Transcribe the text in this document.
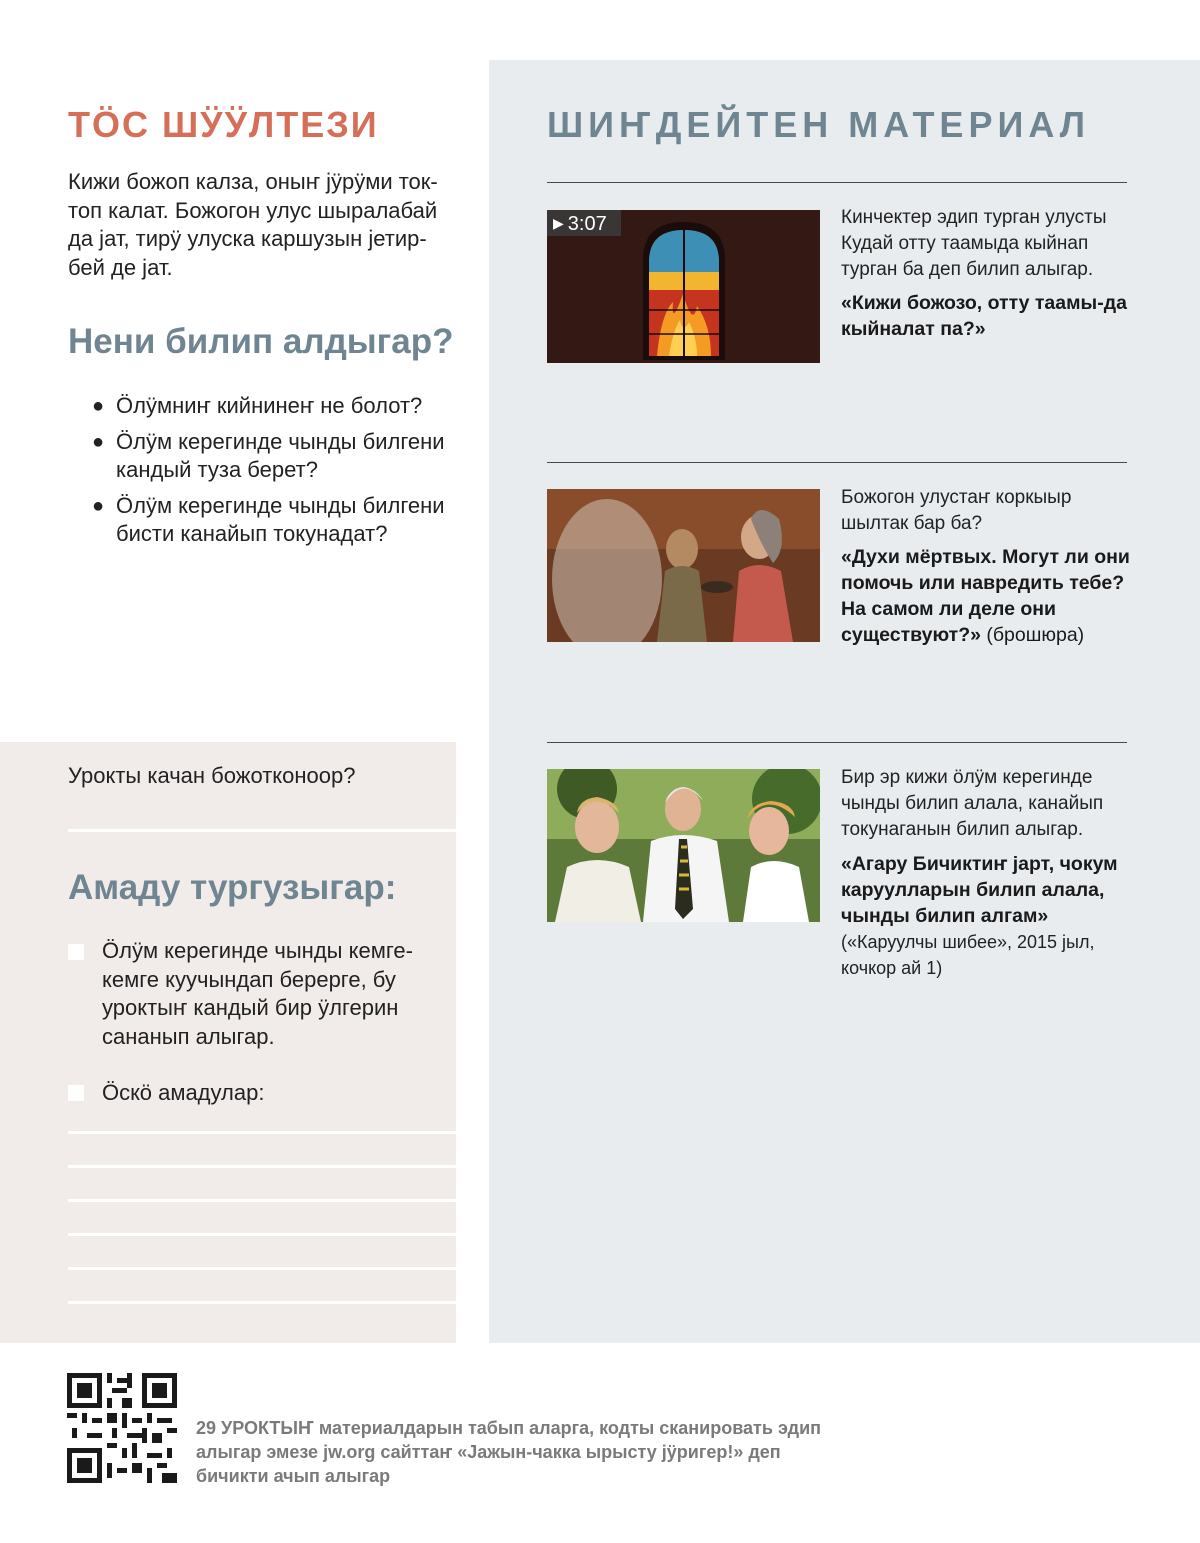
ТӦС ШӰӰЛТЕЗИ

Кижи божоп калза, оныҥ јӱрӱми ток-топ калат. Божогон улус шыралабай да јат, тирӱ улуска каршузын јетир-бей де јат.

Нени билип алдыгар?
● Ӧлӱмниҥ кийнинеҥ не болот?
● Ӧлӱм керегинде чынды билгени кандый туза берет?
● Ӧлӱм керегинде чынды билгени бисти канайып токунадат?
Урокты качан божотконоор?
Амаду тургузыгар:

Ӧлӱм керегинде чынды кемге-кемге куучындап берерге, бу уроктыҥ кандый бир ӱлгерин сананып алыгар.

Ӧскӧ амадулар:

ШИҤДЕЙТЕН МАТЕРИАЛ
▶ 3:07	Кинчектер эдип турган улусты Кудай отту таамыда кыйнап турган ба деп билип алыгар.

«Кижи божозо, отту таамы-да кыйналат па?»

Божогон улустаҥ коркыыр шылтак бар ба?

«Духи мёртвых. Могут ли они помочь или навредить тебе? На самом ли деле они существуют?» (брошюра)

Бир эр кижи ӧлӱм керегинде чынды билип алала, канайып токунаганын билип алыгар.

«Агару Бичиктиҥ јарт, чокум каруулларын билип алала, чынды билип алгам»

(«Каруулчы шибее», 2015 јыл, кочкор ай 1)

29 УРОКТЫҤ материалдарын табып аларга, кодты сканировать эдип алыгар эмезе jw.org сайттаҥ «Јажын-чакка ырысту јӱригер!» деп бичикти ачып алыгар
